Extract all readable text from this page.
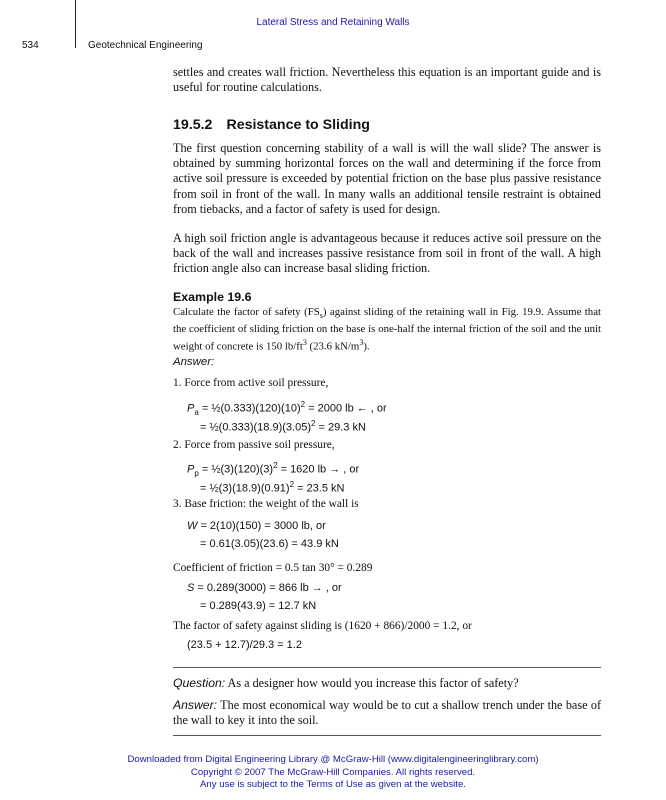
Lateral Stress and Retaining Walls
534	Geotechnical Engineering

settles and creates wall friction. Nevertheless this equation is an important guide and is useful for routine calculations.

19.5.2 Resistance to Sliding

The first question concerning stability of a wall is will the wall slide? The answer is obtained by summing horizontal forces on the wall and determining if the force from active soil pressure is exceeded by potential friction on the base plus passive resistance from soil in front of the wall. In many walls an additional tensile restraint is obtained from tiebacks, and a factor of safety is used for design.

A high soil friction angle is advantageous because it reduces active soil pressure on the back of the wall and increases passive resistance from soil in front of the wall. A high friction angle also can increase basal sliding friction.

Example 19.6
Calculate the factor of safety $(FS_s)$ against sliding of the retaining wall in Fig. 19.9. Assume that the coefficient of sliding friction on the base is one-half the internal friction of the soil and the unit weight of concrete is 150 $lb/ft^3$ (23.6 $kN/m^3$).
Answer:
1. Force from active soil pressure,
$P_a$ = $\frac{1}{2}(0.333)(120)(10)^2 = 2000$ lb ← , or
= $\frac{1}{2}(0.333)(18.9)(3.05)^2 = 29.3$ kN
2. Force from passive soil pressure,
$P_p$ = $\frac{1}{2}(3)(120)(3)^2 = 1620$ lb → , or
= $\frac{1}{2}(3)(18.9)(0.91)^2 = 23.5$ kN
3. Base friction: the weight of the wall is
W = 2(10)(150) = 3000 lb, or
= 0.61(3.05)(23.6) = 43.9 kN
Coefficient of friction = 0.5 tan 30° = 0.289
S = 0.289(3000) = 866 lb → , or
= 0.289(43.9) = 12.7 kN
The factor of safety against sliding is (1620 + 866)/2000 = 1.2, or
(23.5 + 12.7)/29.3 = 1.2

Question: As a designer how would you increase this factor of safety?

Answer: The most economical way would be to cut a shallow trench under the base of the wall to key it into the soil.

Downloaded from Digital Engineering Library @ McGraw-Hill (www.digitalengineeringlibrary.com)
Copyright © 2007 The McGraw-Hill Companies. All rights reserved.
Any use is subject to the Terms of Use as given at the website.
